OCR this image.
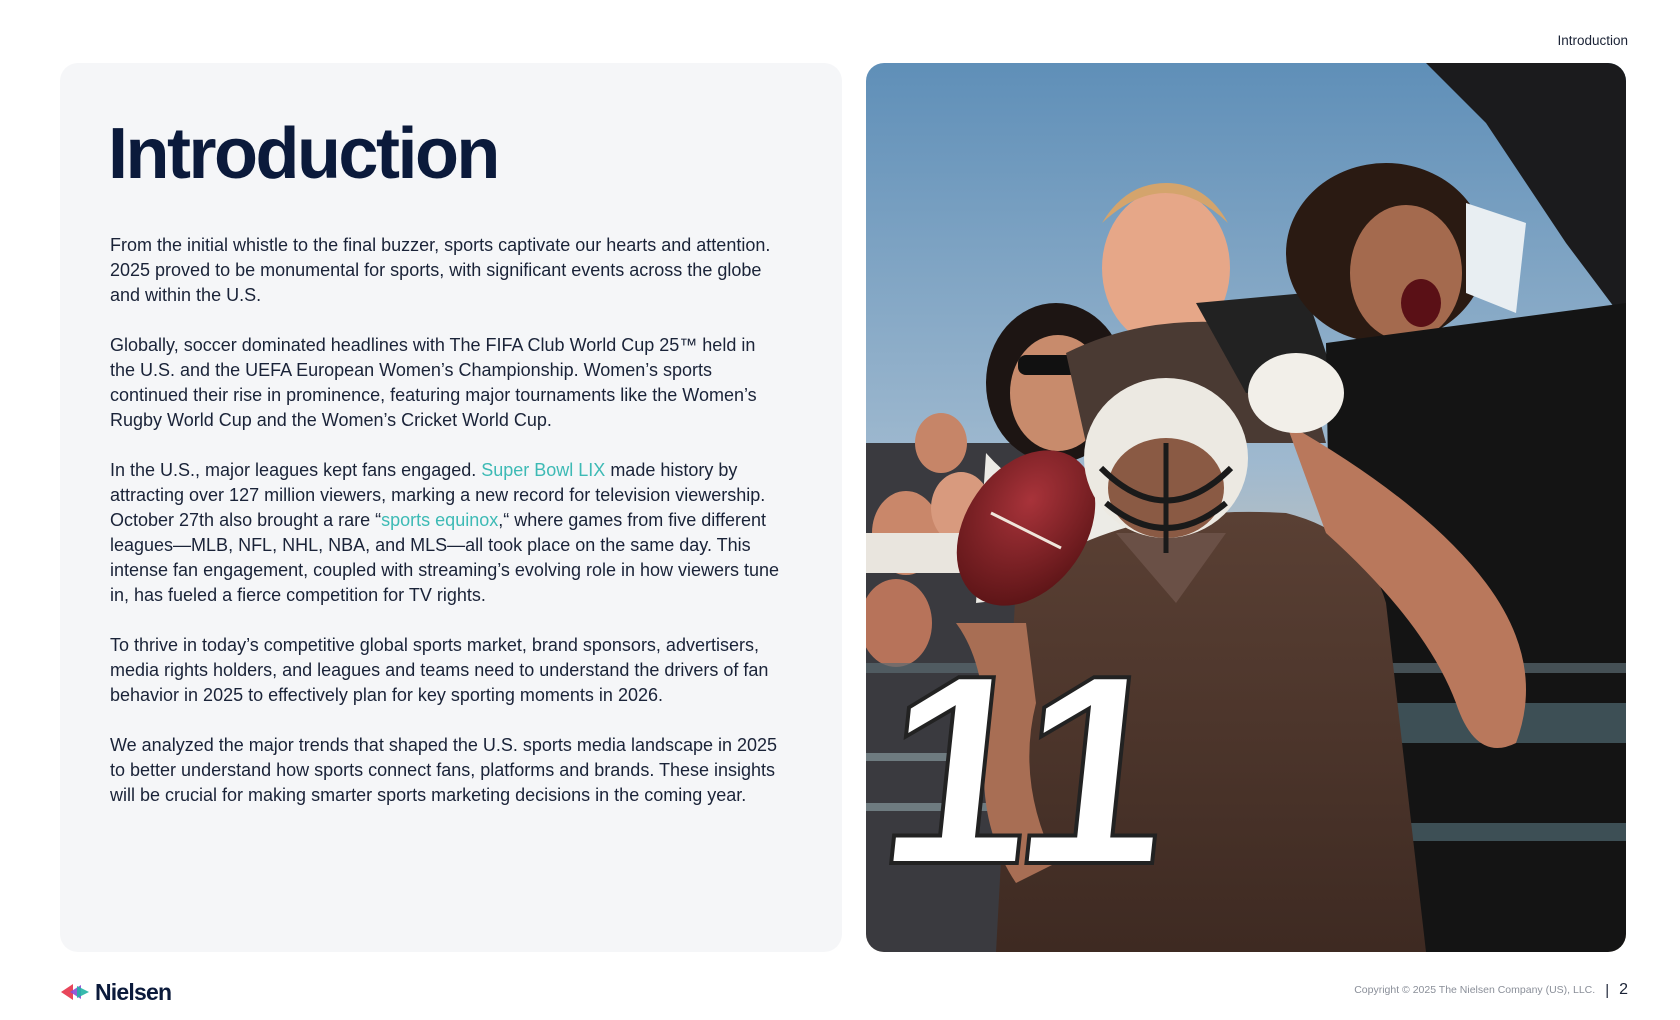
Introduction
Introduction

From the initial whistle to the final buzzer, sports captivate our hearts and attention. 2025 proved to be monumental for sports, with significant events across the globe and within the U.S.

Globally, soccer dominated headlines with The FIFA Club World Cup 25™ held in the U.S. and the UEFA European Women’s Championship. Women’s sports continued their rise in prominence, featuring major tournaments like the Women’s Rugby World Cup and the Women’s Cricket World Cup.

In the U.S., major leagues kept fans engaged. Super Bowl LIX made history by attracting over 127 million viewers, marking a new record for television viewership. October 27th also brought a rare “sports equinox,“ where games from five different leagues—MLB, NFL, NHL, NBA, and MLS—all took place on the same day. This intense fan engagement, coupled with streaming’s evolving role in how viewers tune in, has fueled a fierce competition for TV rights.

To thrive in today’s competitive global sports market, brand sponsors, advertisers, media rights holders, and leagues and teams need to understand the drivers of fan behavior in 2025 to effectively plan for key sporting moments in 2026.

We analyzed the major trends that shaped the U.S. sports media landscape in 2025 to better understand how sports connect fans, platforms and brands. These insights will be crucial for making smarter sports marketing decisions in the coming year. 11
Nielsen	Copyright © 2025 The Nielsen Company (US), LLC. | 2
